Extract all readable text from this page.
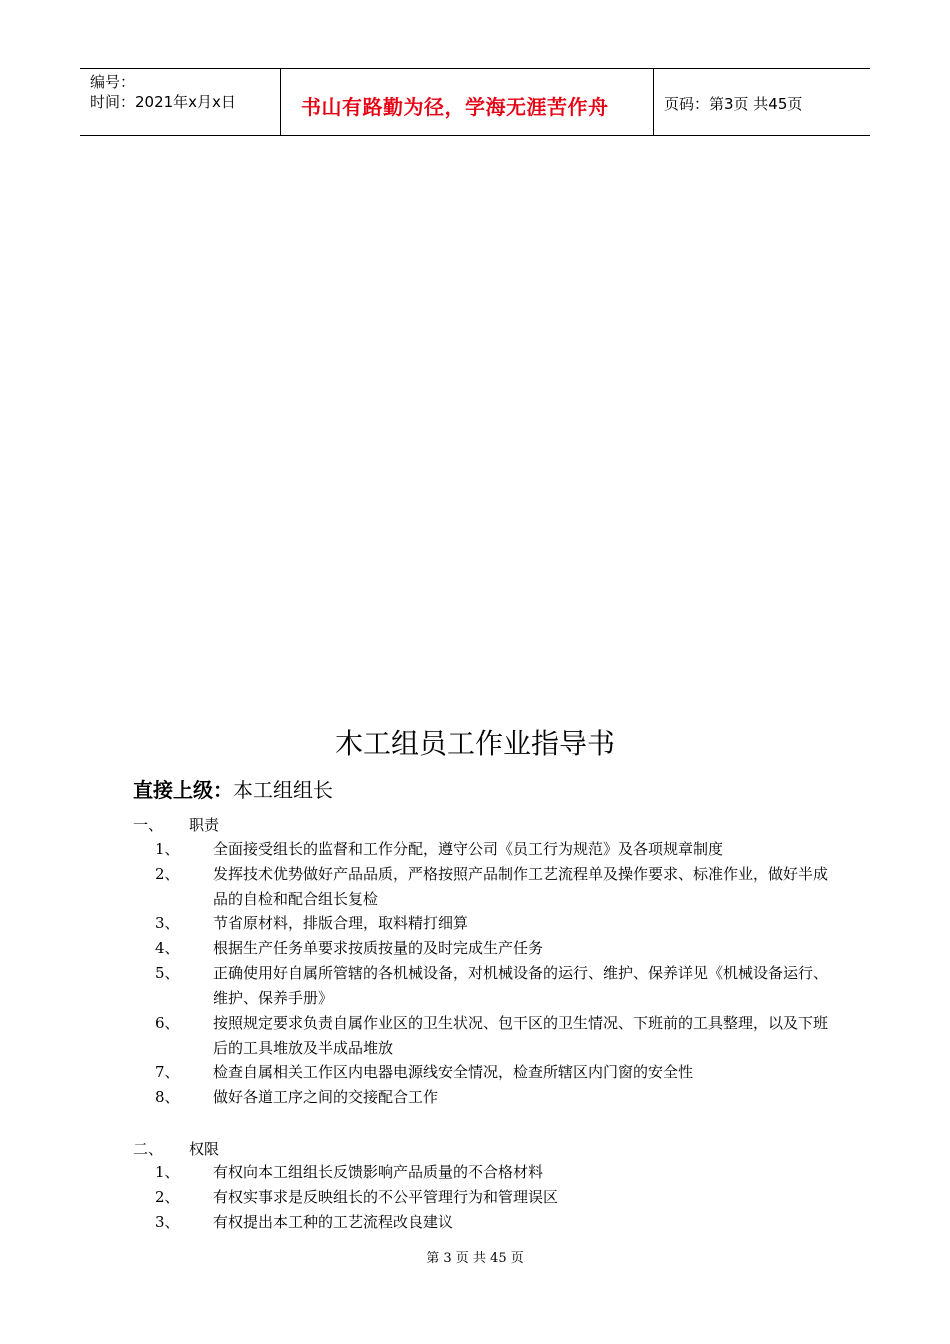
编号：
时间：2021年x月x日	书山有路勤为径，学海无涯苦作舟	页码：第3页 共45页
木工组员工作业指导书
直接上级：本工组组长
一、 职责
1、 全面接受组长的监督和工作分配，遵守公司《员工行为规范》及各项规章制度
2、 发挥技术优势做好产品品质，严格按照产品制作工艺流程单及操作要求、标准作业，做好半成品的自检和配合组长复检
3、 节省原材料，排版合理，取料精打细算
4、 根据生产任务单要求按质按量的及时完成生产任务
5、 正确使用好自属所管辖的各机械设备，对机械设备的运行、维护、保养详见《机械设备运行、维护、保养手册》
6、 按照规定要求负责自属作业区的卫生状况、包干区的卫生情况、下班前的工具整理，以及下班后的工具堆放及半成品堆放
7、 检查自属相关工作区内电器电源线安全情况，检查所辖区内门窗的安全性
8、 做好各道工序之间的交接配合工作
二、 权限
1、 有权向本工组组长反馈影响产品质量的不合格材料
2、 有权实事求是反映组长的不公平管理行为和管理误区
3、 有权提出本工种的工艺流程改良建议
第 3 页 共 45 页
